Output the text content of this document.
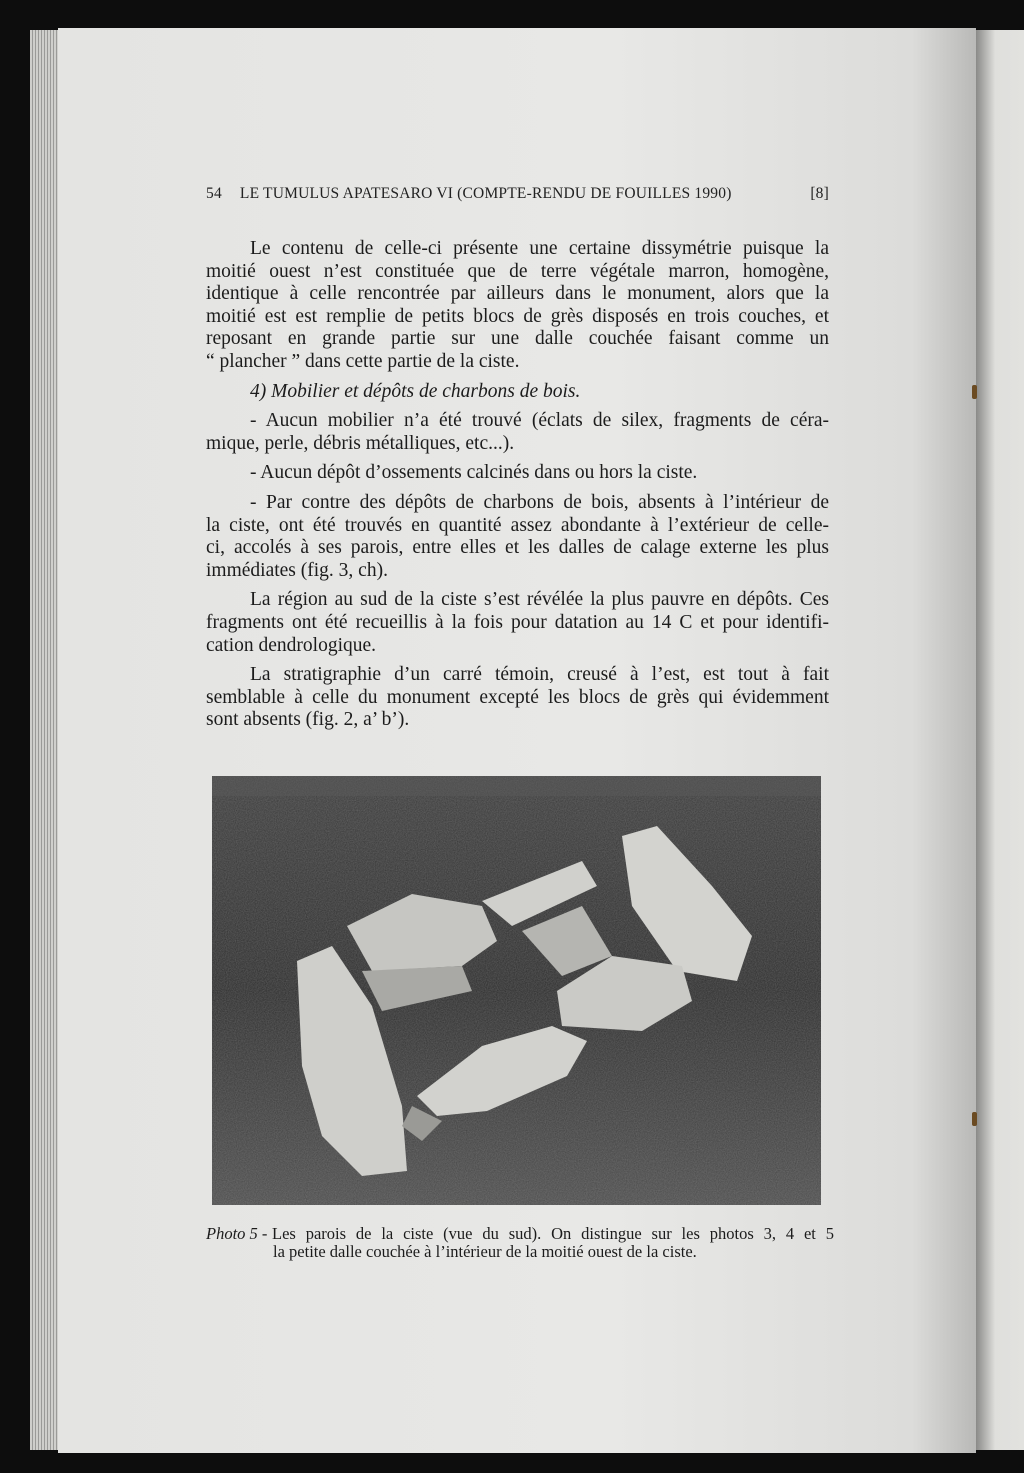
54 LE TUMULUS APATESARO VI (COMPTE-RENDU DE FOUILLES 1990)	[8]
Le contenu de celle-ci présente une certaine dissymétrie puisque la
moitié ouest n’est constituée que de terre végétale marron, homogène,
identique à celle rencontrée par ailleurs dans le monument, alors que la
moitié est est remplie de petits blocs de grès disposés en trois couches, et
reposant en grande partie sur une dalle couchée faisant comme un
“ plancher ” dans cette partie de la ciste.
4) Mobilier et dépôts de charbons de bois.
- Aucun mobilier n’a été trouvé (éclats de silex, fragments de céra-
mique, perle, débris métalliques, etc...).
- Aucun dépôt d’ossements calcinés dans ou hors la ciste.
- Par contre des dépôts de charbons de bois, absents à l’intérieur de
la ciste, ont été trouvés en quantité assez abondante à l’extérieur de celle-
ci, accolés à ses parois, entre elles et les dalles de calage externe les plus
immédiates (fig. 3, ch).
La région au sud de la ciste s’est révélée la plus pauvre en dépôts. Ces
fragments ont été recueillis à la fois pour datation au 14 C et pour identifi-
cation dendrologique.
La stratigraphie d’un carré témoin, creusé à l’est, est tout à fait
semblable à celle du monument excepté les blocs de grès qui évidemment
sont absents (fig. 2, a’ b’).
Photo 5 - Les parois de la ciste (vue du sud). On distingue sur les photos 3, 4 et 5
la petite dalle couchée à l’intérieur de la moitié ouest de la ciste.
